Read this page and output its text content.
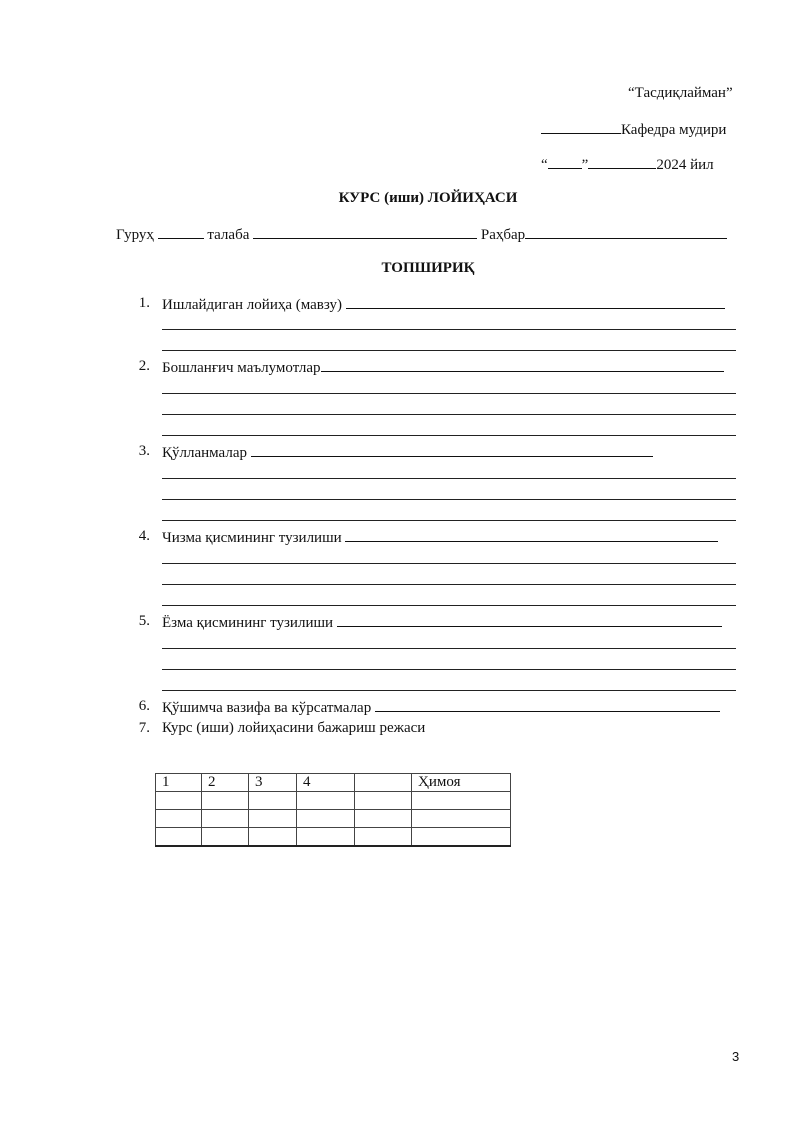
“Тасдиқлайман”
Кафедра мудири
“ ”	2024 йил
КУРС (иши) ЛОЙИҲАСИ
Гуруҳ	талаба	Раҳбар
ТОПШИРИҚ
1. Ишлайдиган лойиҳа (мавзу)
2. Бошланғич маълумотлар
3. Қўлланмалар
4. Чизма қисмининг тузилиши
5. Ёзма қисмининг тузилиши
6. Қўшимча вазифа ва кўрсатмалар
7. Курс (иши) лойиҳасини бажариш режаси
1	2	3	4		Ҳимоя

3
